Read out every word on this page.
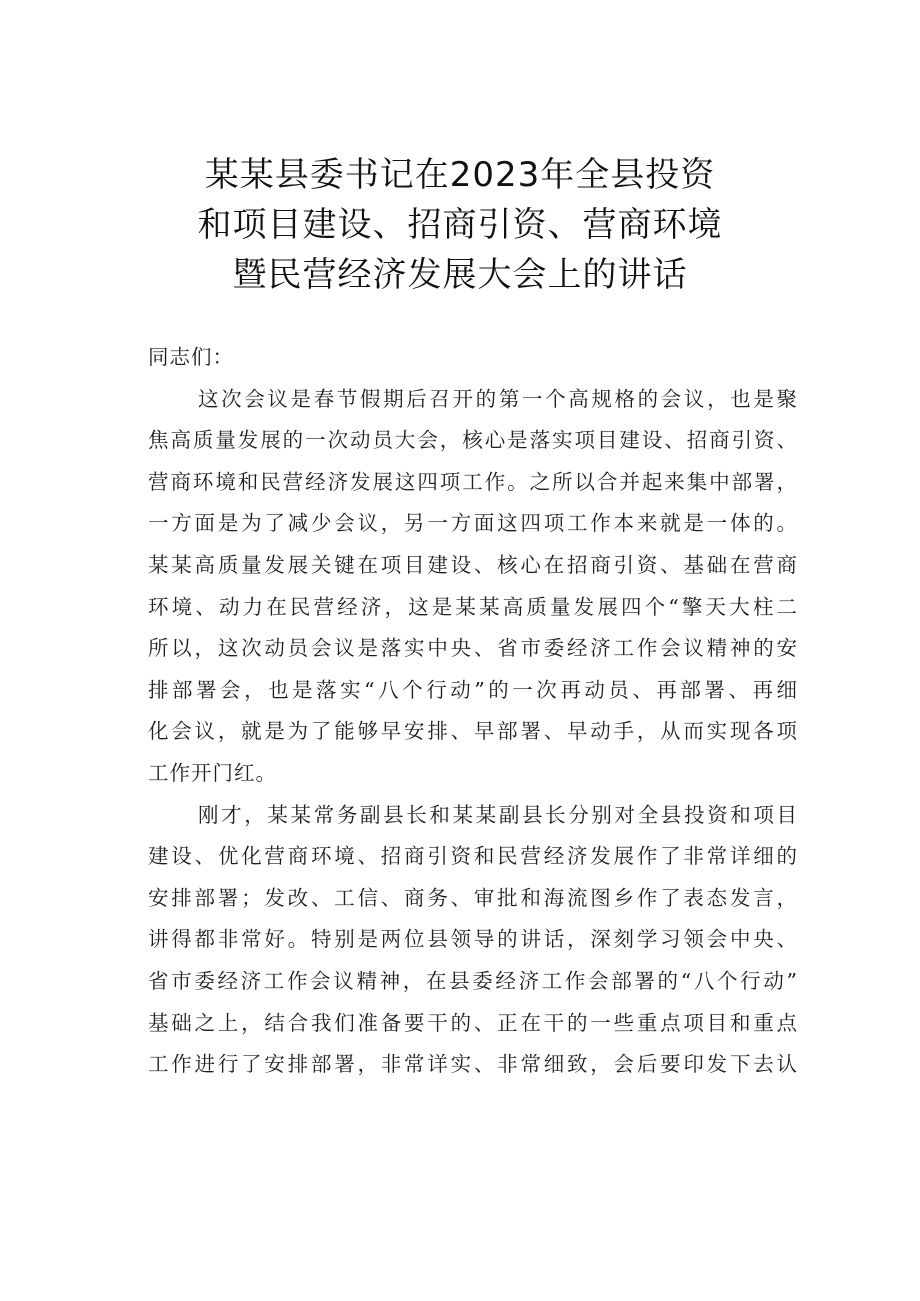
某某县委书记在2023年全县投资
和项目建设、招商引资、营商环境
暨民营经济发展大会上的讲话
同志们：
这次会议是春节假期后召开的第一个高规格的会议，也是聚
焦高质量发展的一次动员大会，核心是落实项目建设、招商引资、
营商环境和民营经济发展这四项工作。之所以合并起来集中部署，
一方面是为了减少会议，另一方面这四项工作本来就是一体的。
某某高质量发展关键在项目建设、核心在招商引资、基础在营商
环境、动力在民营经济，这是某某高质量发展四个“擎天大柱二
所以，这次动员会议是落实中央、省市委经济工作会议精神的安
排部署会，也是落实“八个行动”的一次再动员、再部署、再细
化会议，就是为了能够早安排、早部署、早动手，从而实现各项
工作开门红。
刚才，某某常务副县长和某某副县长分别对全县投资和项目
建设、优化营商环境、招商引资和民营经济发展作了非常详细的
安排部署；发改、工信、商务、审批和海流图乡作了表态发言，
讲得都非常好。特别是两位县领导的讲话，深刻学习领会中央、
省市委经济工作会议精神，在县委经济工作会部署的“八个行动”
基础之上，结合我们准备要干的、正在干的一些重点项目和重点
工作进行了安排部署，非常详实、非常细致，会后要印发下去认
